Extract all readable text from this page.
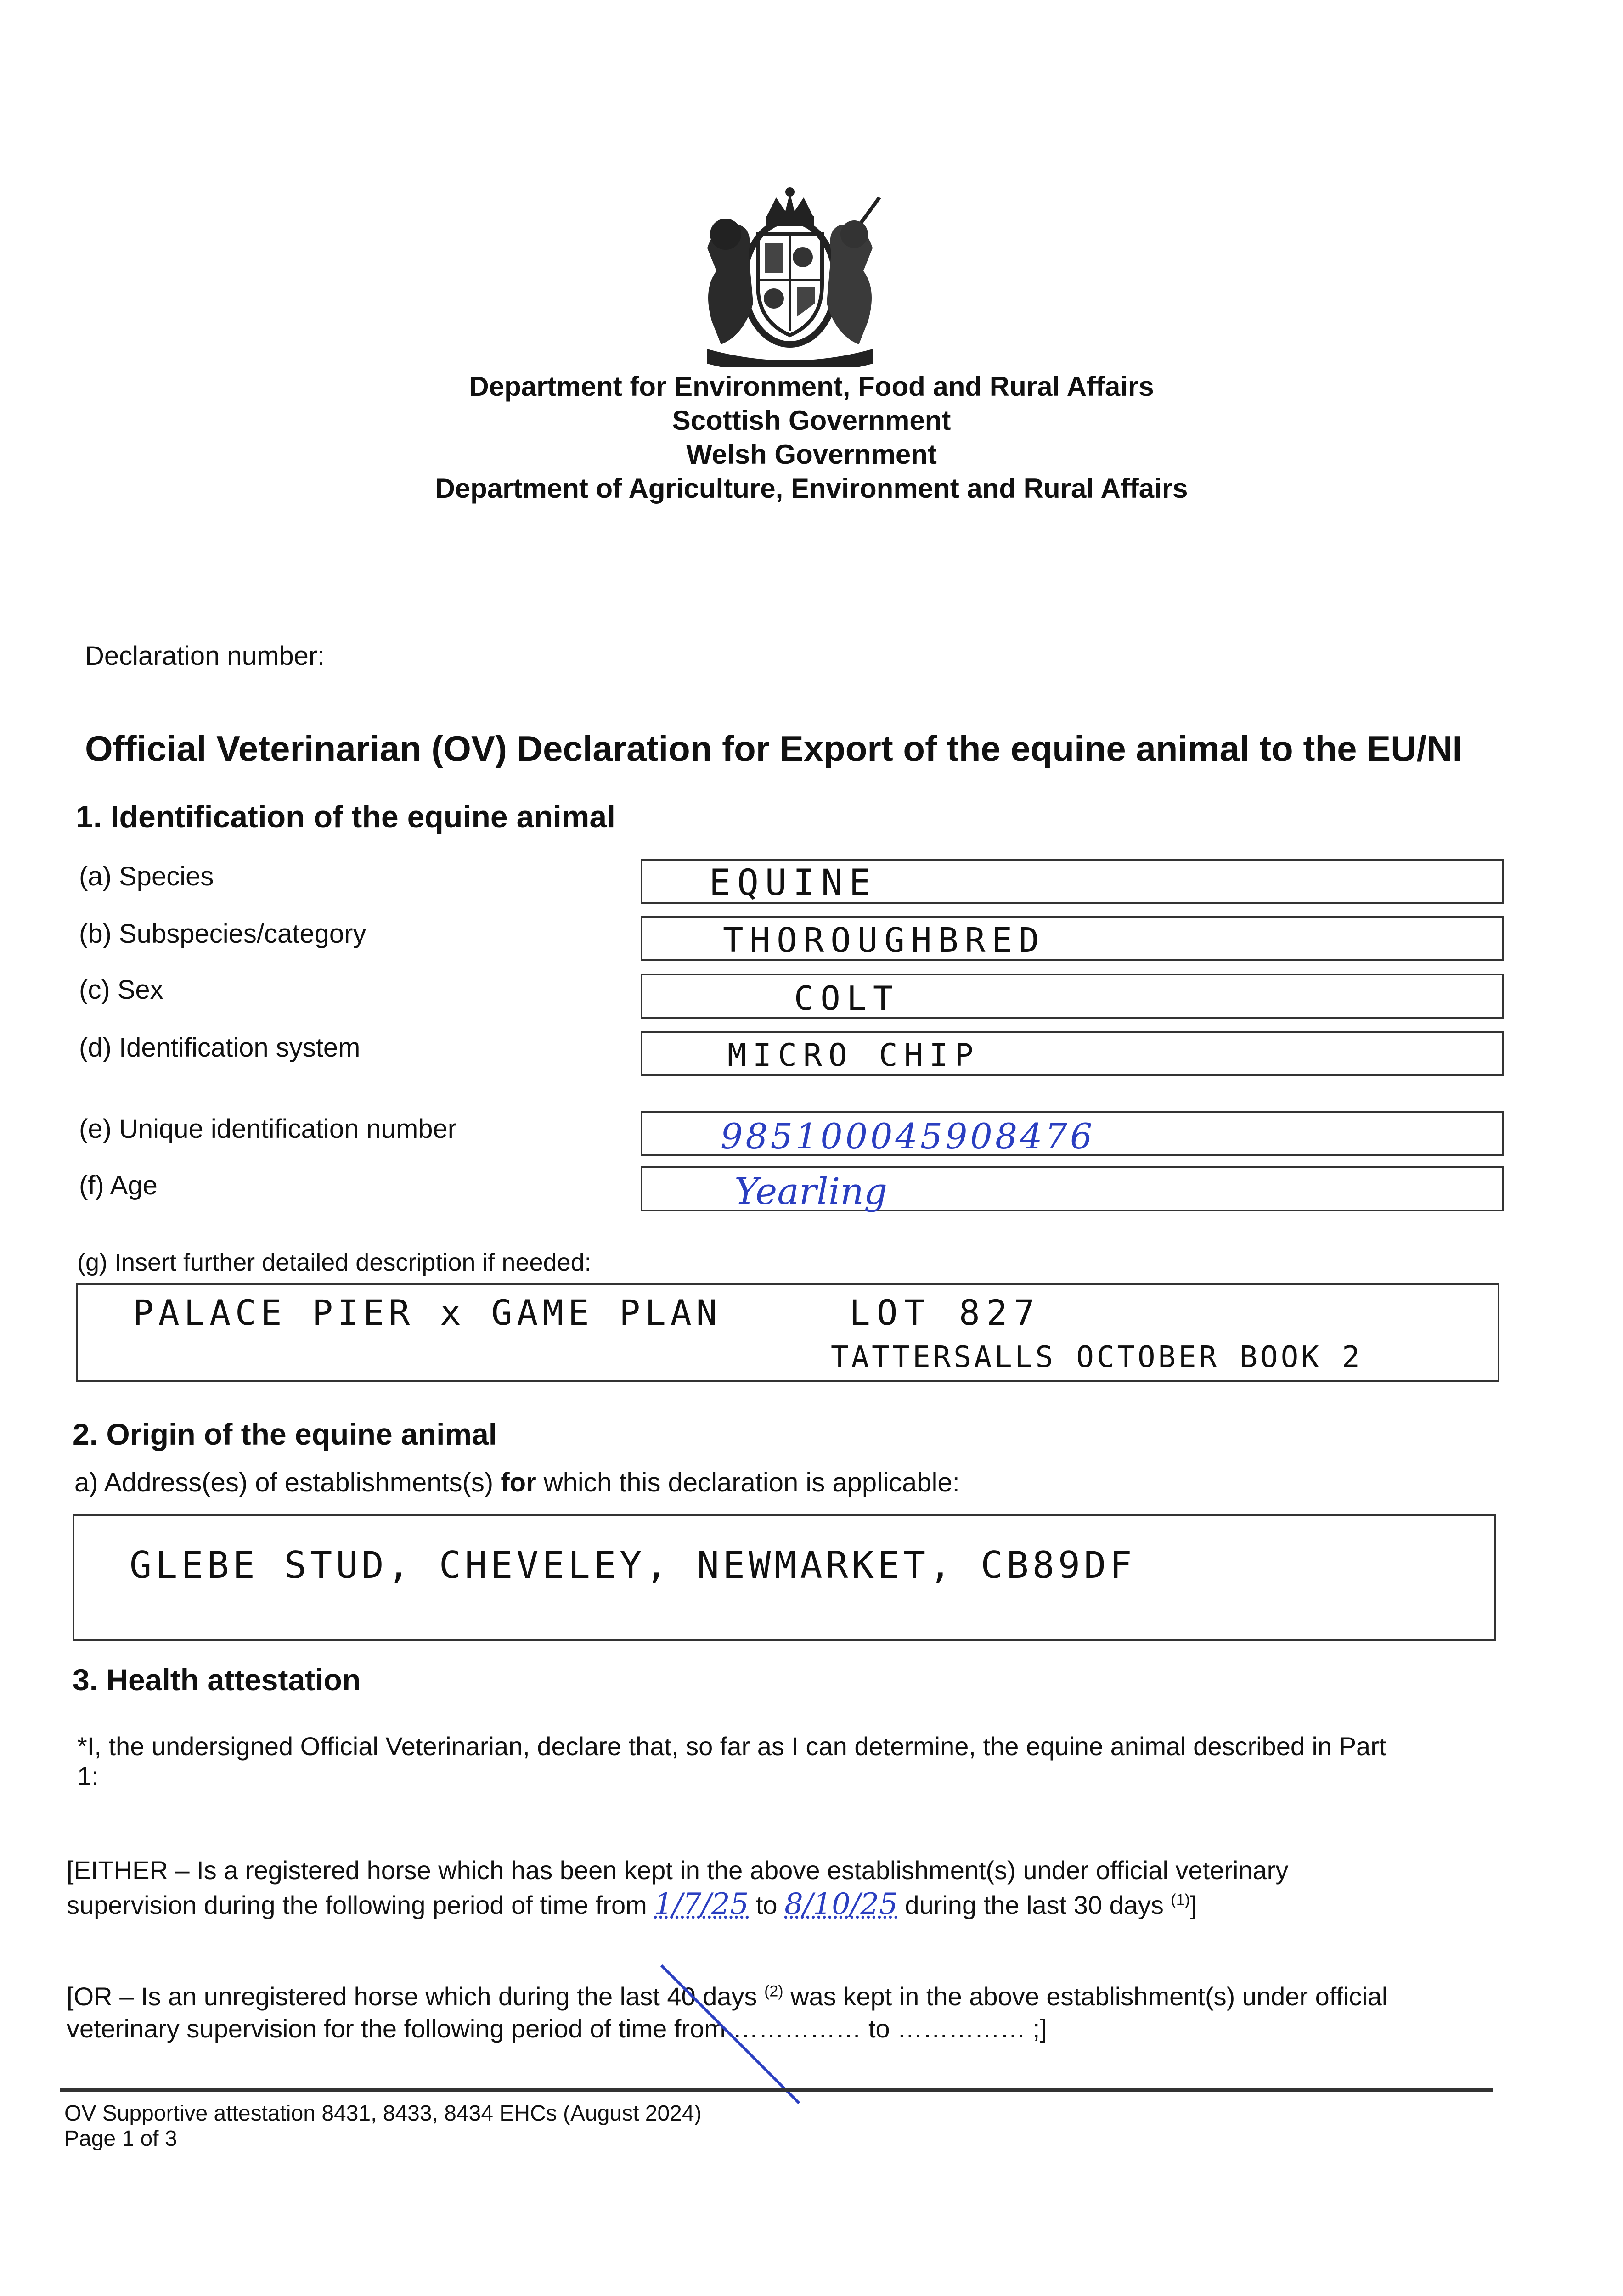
Department for Environment, Food and Rural Affairs
Scottish Government
Welsh Government
Department of Agriculture, Environment and Rural Affairs
Declaration number:
Official Veterinarian (OV) Declaration for Export of the equine animal to the EU/NI
1. Identification of the equine animal
(a) Species	EQUINE
(b) Subspecies/category	THOROUGHBRED
(c) Sex	COLT
(d) Identification system	MICRO CHIP
(e) Unique identification number	985100045908476
(f) Age	Yearling
(g) Insert further detailed description if needed:
PALACE PIER x GAME PLAN	LOT 827
TATTERSALLS OCTOBER BOOK 2
2. Origin of the equine animal
a) Address(es) of establishments(s) for which this declaration is applicable:
GLEBE STUD, CHEVELEY, NEWMARKET, CB89DF
3. Health attestation
*I, the undersigned Official Veterinarian, declare that, so far as I can determine, the equine animal described in Part
1:
[EITHER – Is a registered horse which has been kept in the above establishment(s) under official veterinary
supervision during the following period of time from 1/7/25 to 8/10/25 during the last 30 days $^{(1)}$]
[OR – Is an unregistered horse which during the last 40 days $^{(2)}$ was kept in the above establishment(s) under official
veterinary supervision for the following period of time from …………… to …………… ;]
OV Supportive attestation 8431, 8433, 8434 EHCs (August 2024)
Page 1 of 3
